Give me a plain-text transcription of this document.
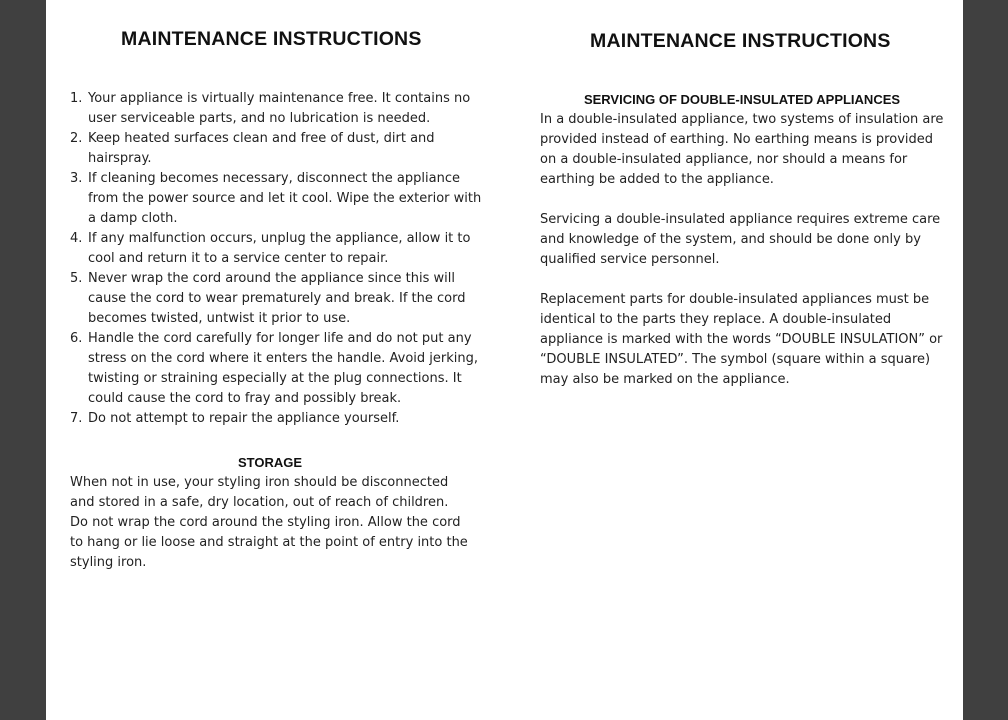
MAINTENANCE INSTRUCTIONS
Your appliance is virtually maintenance free. It contains no user serviceable parts, and no lubrication is needed.
Keep heated surfaces clean and free of dust, dirt and hairspray.
If cleaning becomes necessary, disconnect the appliance from the power source and let it cool. Wipe the exterior with a damp cloth.
If any malfunction occurs, unplug the appliance, allow it to cool and return it to a service center to repair.
Never wrap the cord around the appliance since this will cause the cord to wear prematurely and break. If the cord becomes twisted, untwist it prior to use.
Handle the cord carefully for longer life and do not put any stress on the cord where it enters the handle. Avoid jerking, twisting or straining especially at the plug connections. It could cause the cord to fray and possibly break.
Do not attempt to repair the appliance yourself.
STORAGE

When not in use, your styling iron should be disconnected and stored in a safe, dry location, out of reach of children. Do not wrap the cord around the styling iron. Allow the cord to hang or lie loose and straight at the point of entry into the styling iron.

MAINTENANCE INSTRUCTIONS
SERVICING OF DOUBLE-INSULATED APPLIANCES

In a double-insulated appliance, two systems of insulation are provided instead of earthing. No earthing means is provided on a double-insulated appliance, nor should a means for earthing be added to the appliance.

Servicing a double-insulated appliance requires extreme care and knowledge of the system, and should be done only by qualified service personnel.

Replacement parts for double-insulated appliances must be identical to the parts they replace. A double-insulated appliance is marked with the words “DOUBLE INSULATION” or “DOUBLE INSULATED”. The symbol (square within a square) may also be marked on the appliance.
